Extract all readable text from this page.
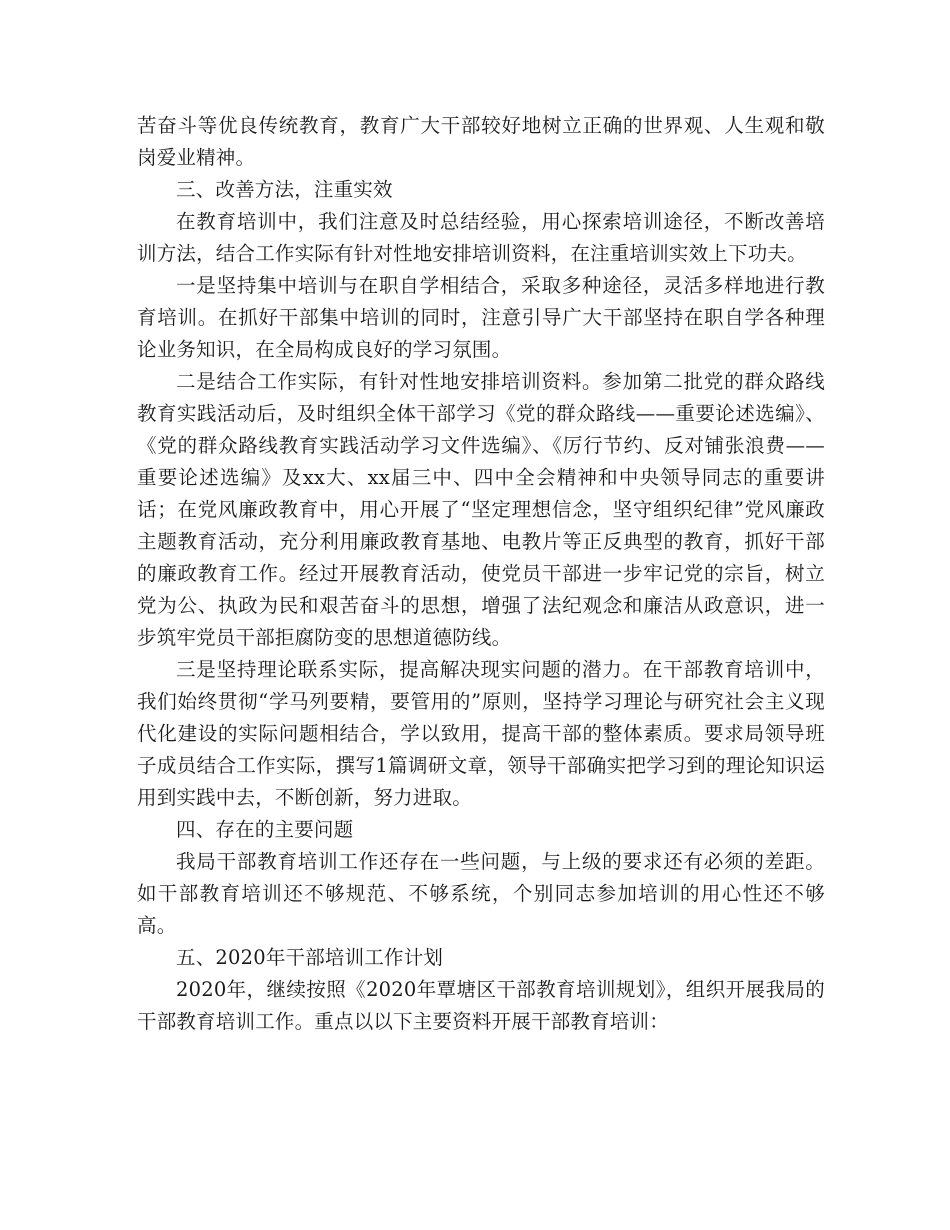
苦奋斗等优良传统教育，教育广大干部较好地树立正确的世界观、人生观和敬岗爱业精神。

三、改善方法，注重实效

在教育培训中，我们注意及时总结经验，用心探索培训途径，不断改善培训方法，结合工作实际有针对性地安排培训资料，在注重培训实效上下功夫。

一是坚持集中培训与在职自学相结合，采取多种途径，灵活多样地进行教育培训。在抓好干部集中培训的同时，注意引导广大干部坚持在职自学各种理论业务知识，在全局构成良好的学习氛围。

二是结合工作实际，有针对性地安排培训资料。参加第二批党的群众路线教育实践活动后，及时组织全体干部学习《党的群众路线——重要论述选编》、《党的群众路线教育实践活动学习文件选编》、《厉行节约、反对铺张浪费——重要论述选编》及xx大、xx届三中、四中全会精神和中央领导同志的重要讲话；在党风廉政教育中，用心开展了“坚定理想信念，坚守组织纪律”党风廉政主题教育活动，充分利用廉政教育基地、电教片等正反典型的教育，抓好干部的廉政教育工作。经过开展教育活动，使党员干部进一步牢记党的宗旨，树立党为公、执政为民和艰苦奋斗的思想，增强了法纪观念和廉洁从政意识，进一步筑牢党员干部拒腐防变的思想道德防线。

三是坚持理论联系实际，提高解决现实问题的潜力。在干部教育培训中，我们始终贯彻“学马列要精，要管用的”原则，坚持学习理论与研究社会主义现代化建设的实际问题相结合，学以致用，提高干部的整体素质。要求局领导班子成员结合工作实际，撰写1篇调研文章，领导干部确实把学习到的理论知识运用到实践中去，不断创新，努力进取。

四、存在的主要问题

我局干部教育培训工作还存在一些问题，与上级的要求还有必须的差距。如干部教育培训还不够规范、不够系统，个别同志参加培训的用心性还不够高。

五、2020年干部培训工作计划

2020年，继续按照《2020年覃塘区干部教育培训规划》，组织开展我局的干部教育培训工作。重点以以下主要资料开展干部教育培训：
